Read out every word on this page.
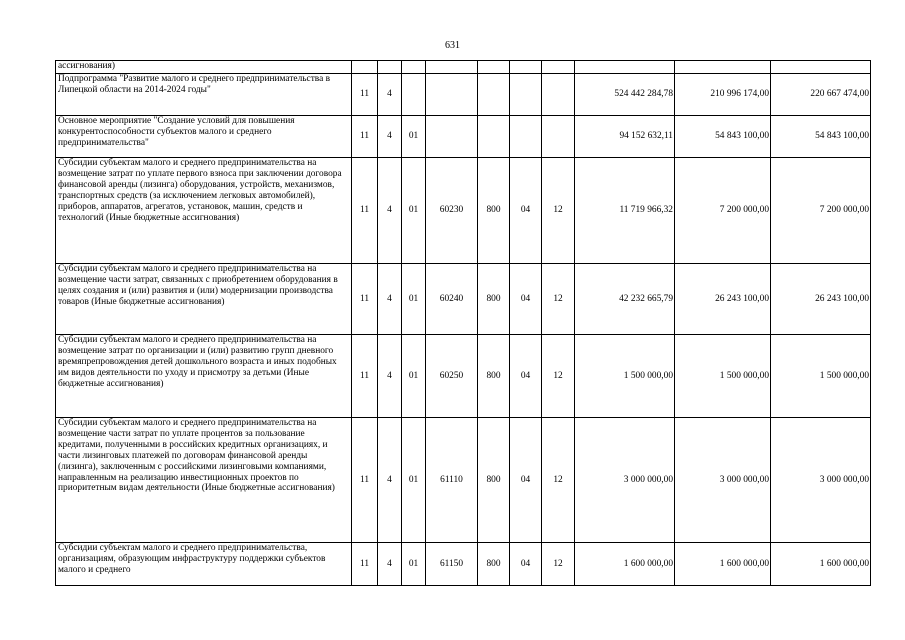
631
ассигнования)										
Подпрограмма "Развитие малого и среднего предпринимательства в Липецкой области на 2014-2024 годы"	11	4						524 442 284,78	210 996 174,00	220 667 474,00
Основное мероприятие "Создание условий для повышения конкурентоспособности субъектов малого и среднего предпринимательства"	11	4	01					94 152 632,11	54 843 100,00	54 843 100,00
Субсидии субъектам малого и среднего предпринимательства на возмещение затрат по уплате первого взноса при заключении договора финансовой аренды (лизинга) оборудования, устройств, механизмов, транспортных средств (за исключением легковых автомобилей), приборов, аппаратов, агрегатов, установок, машин, средств и технологий (Иные бюджетные ассигнования)	11	4	01	60230	800	04	12	11 719 966,32	7 200 000,00	7 200 000,00
Субсидии субъектам малого и среднего предпринимательства на возмещение части затрат, связанных с приобретением оборудования в целях создания и (или) развития и (или) модернизации производства товаров (Иные бюджетные ассигнования)	11	4	01	60240	800	04	12	42 232 665,79	26 243 100,00	26 243 100,00
Субсидии субъектам малого и среднего предпринимательства на возмещение затрат по организации и (или) развитию групп дневного времяпрепровождения детей дошкольного возраста и иных подобных им видов деятельности по уходу и присмотру за детьми (Иные бюджетные ассигнования)	11	4	01	60250	800	04	12	1 500 000,00	1 500 000,00	1 500 000,00
Субсидии субъектам малого и среднего предпринимательства на возмещение части затрат по уплате процентов за пользование кредитами, полученными в российских кредитных организациях, и части лизинговых платежей по договорам финансовой аренды (лизинга), заключенным с российскими лизинговыми компаниями, направленным на реализацию инвестиционных проектов по приоритетным видам деятельности (Иные бюджетные ассигнования)	11	4	01	61110	800	04	12	3 000 000,00	3 000 000,00	3 000 000,00
Субсидии субъектам малого и среднего предпринимательства, организациям, образующим инфраструктуру поддержки субъектов малого и среднего	11	4	01	61150	800	04	12	1 600 000,00	1 600 000,00	1 600 000,00
